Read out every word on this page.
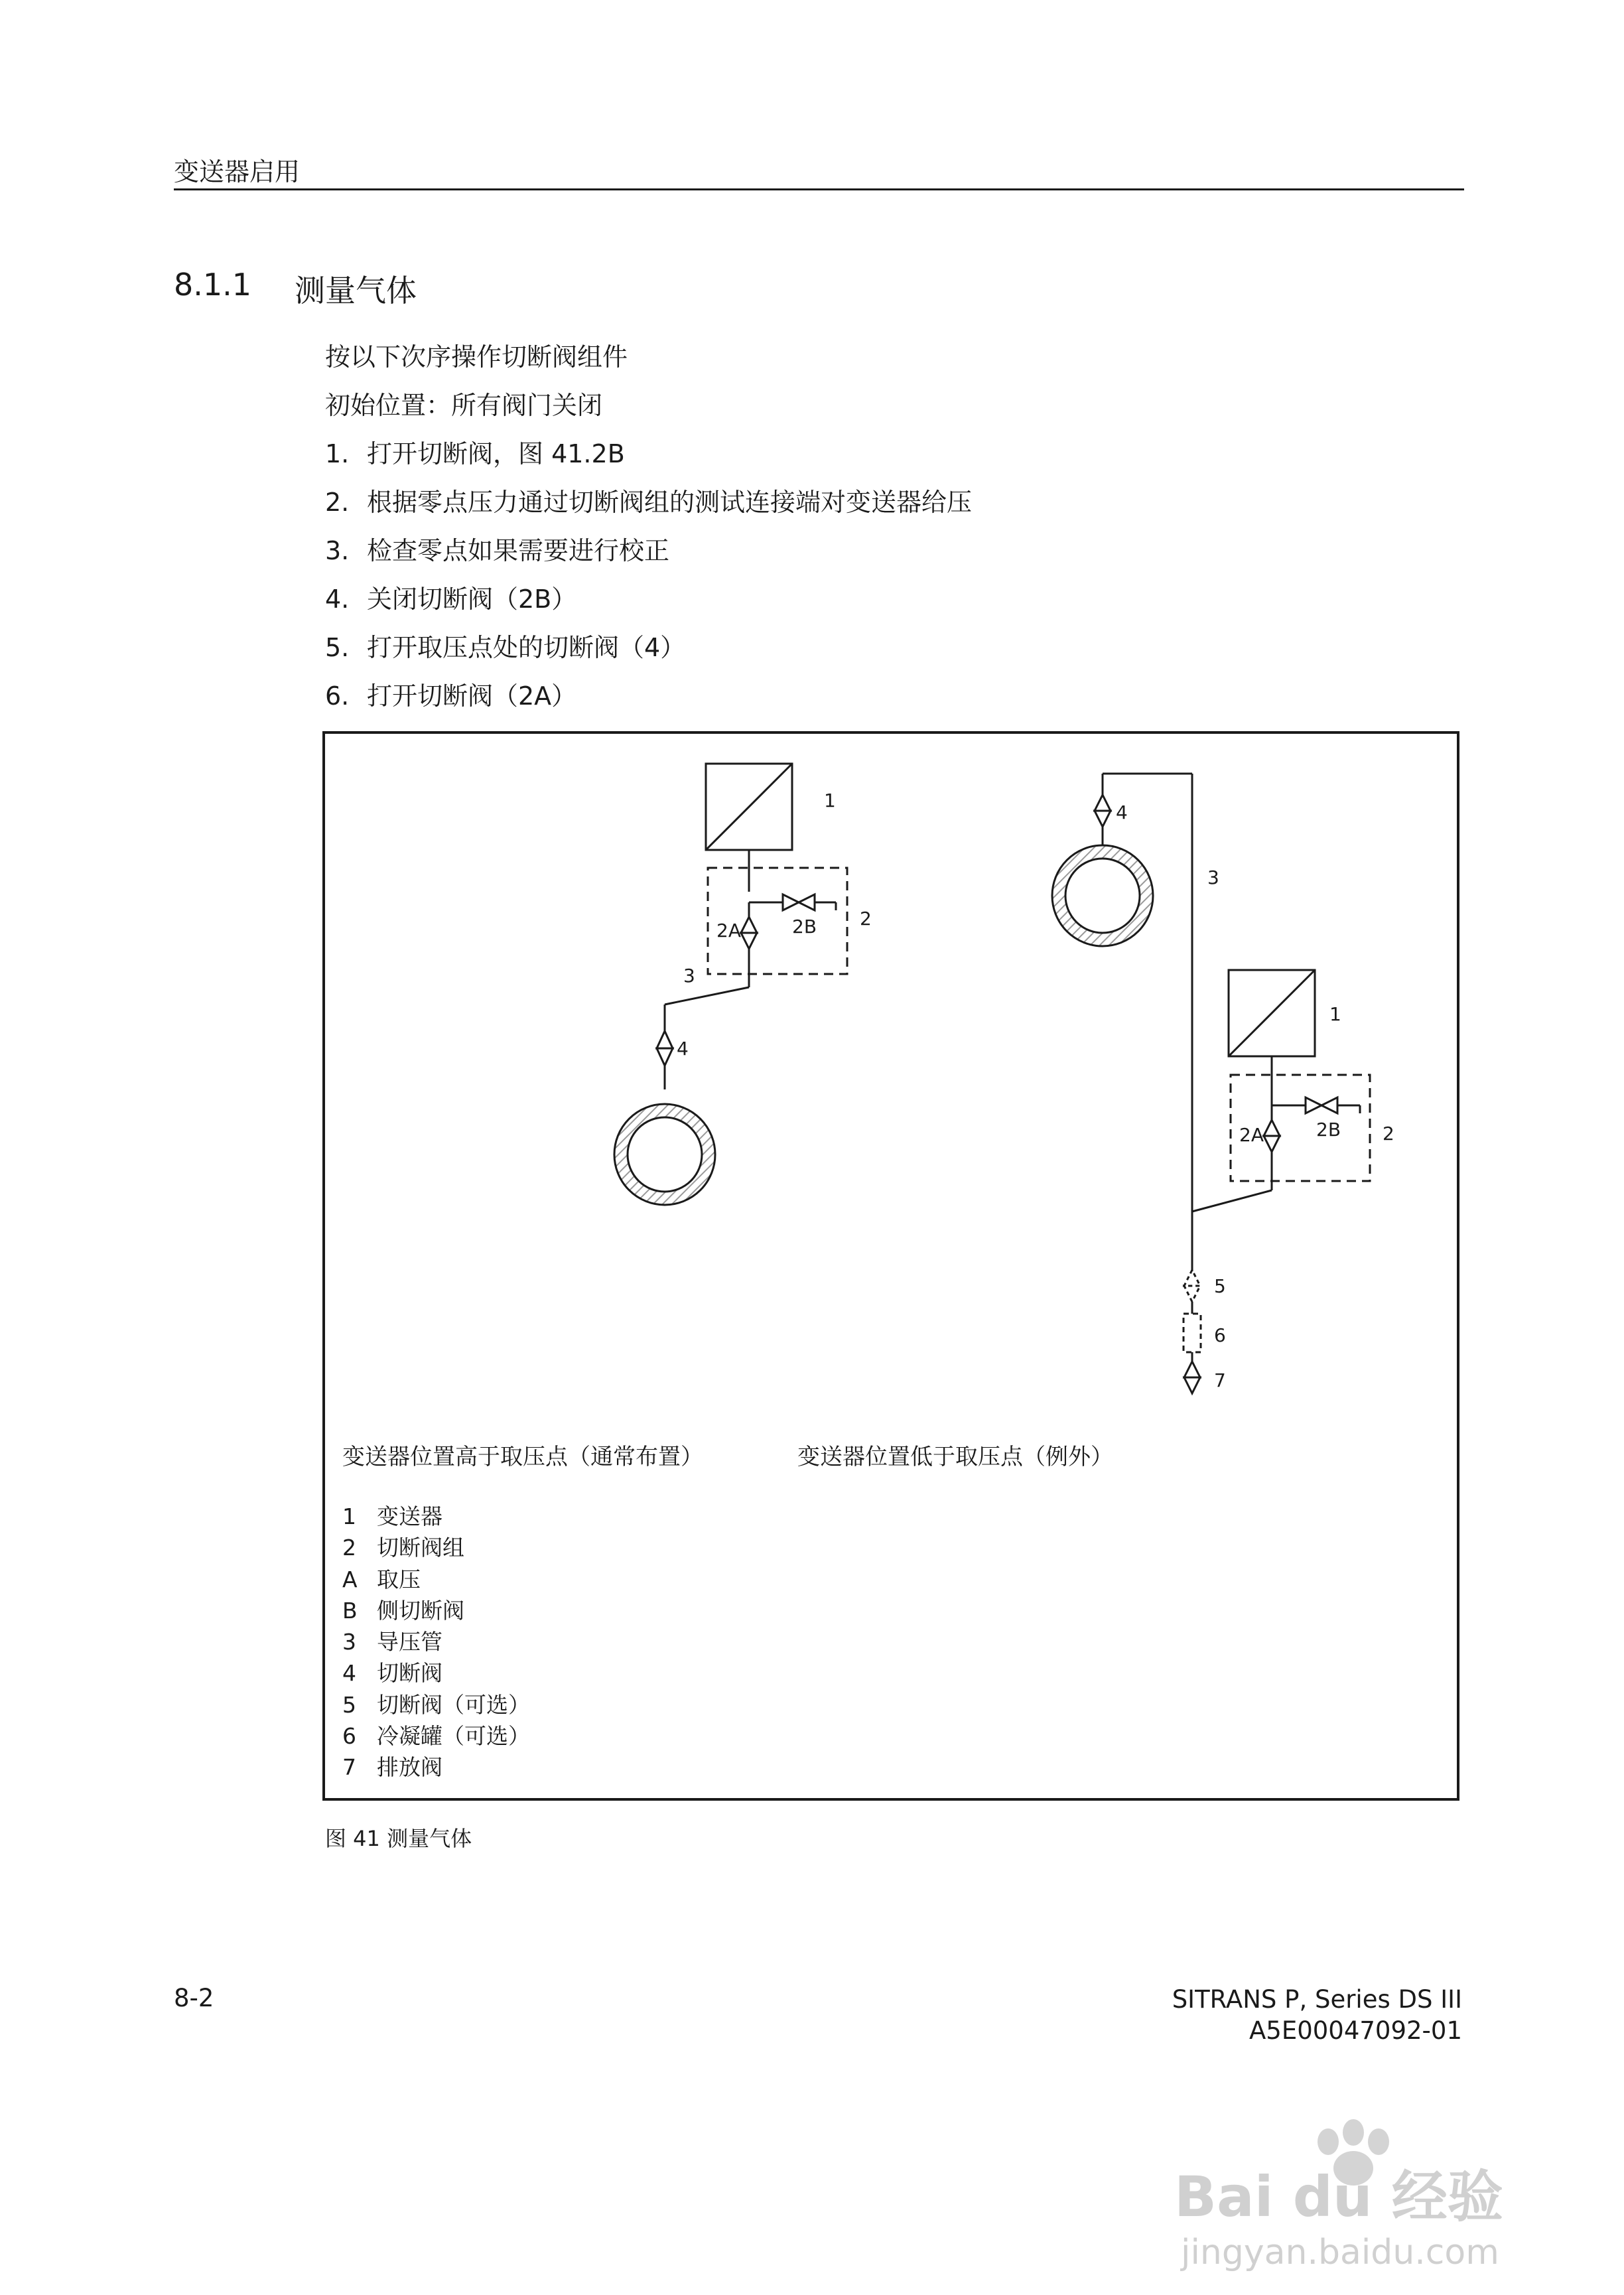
变送器启用
8.1.1 测量气体
按以下次序操作切断阀组件
初始位置：所有阀门关闭
1. 打开切断阀，图 41.2B
2. 根据零点压力通过切断阀组的测试连接端对变送器给压
3. 检查零点如果需要进行校正
4. 关闭切断阀（2B）
5. 打开取压点处的切断阀（4）
6. 打开切断阀（2A）
1
2
2A	2B
3
4
4
3
1
2B
2A	2
5
6
7
变送器位置高于取压点（通常布置）	变送器位置低于取压点（例外）
1 变送器
2 切断阀组
A 取压
B 侧切断阀
3 导压管
4 切断阀
5 切断阀（可选）
6 冷凝罐（可选）
7 排放阀
图 41 测量气体
8-2	SITRANS P, Series DS III
A5E00047092-01
Bai du 经验
jingyan.baidu.com
